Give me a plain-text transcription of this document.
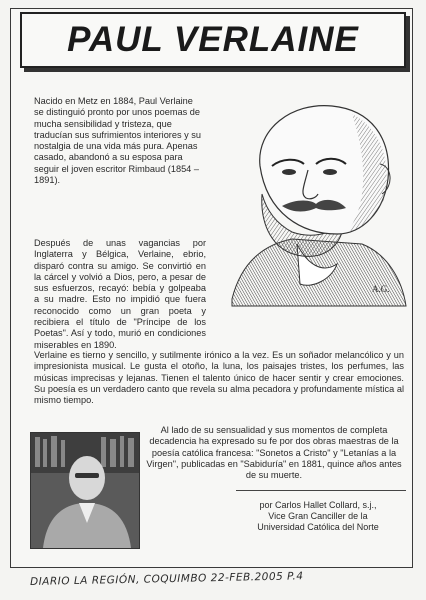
PAUL VERLAINE
A.G.

Nacido en Metz en 1884, Paul Verlaine se distinguió pronto por unos poemas de mucha sensibilidad y tristeza, que traducían sus sufrimientos interiores y su nostalgia de una vida más pura. Apenas casado, abandonó a su esposa para seguir el joven escritor Rimbaud (1854 – 1891).

Después de unas vagancias por Inglaterra y Bélgica, Verlaine, ebrio, disparó contra su amigo. Se convirtió en la cárcel y volvió a Dios, pero, a pesar de sus esfuerzos, recayó: bebía y golpeaba a su madre. Esto no impidió que fuera reconocido como un gran poeta y recibiera el título de "Príncipe de los Poetas". Así y todo, murió en condiciones miserables en 1890.

Verlaine es tierno y sencillo, y sutilmente irónico a la vez. Es un soñador melancólico y un impresionista musical. Le gusta el otoño, la luna, los paisajes tristes, los perfumes, las músicas imprecisas y lejanas. Tienen el talento único de hacer sentir y crear emociones. Su poesía es un verdadero canto que revela su alma pecadora y profundamente mística al mismo tiempo.

Al lado de su sensualidad y sus momentos de completa decadencia ha expresado su fe por dos obras maestras de la poesía católica francesa: "Sonetos a Cristo" y "Letanías a la Virgen", publicadas en "Sabiduría" en 1881, quince años antes de su muerte.

por Carlos Hallet Collard, s.j.,
Vice Gran Canciller de la
Universidad Católica del Norte
DIARIO LA REGIÓN, COQUIMBO 22-FEB.2005 P.4
